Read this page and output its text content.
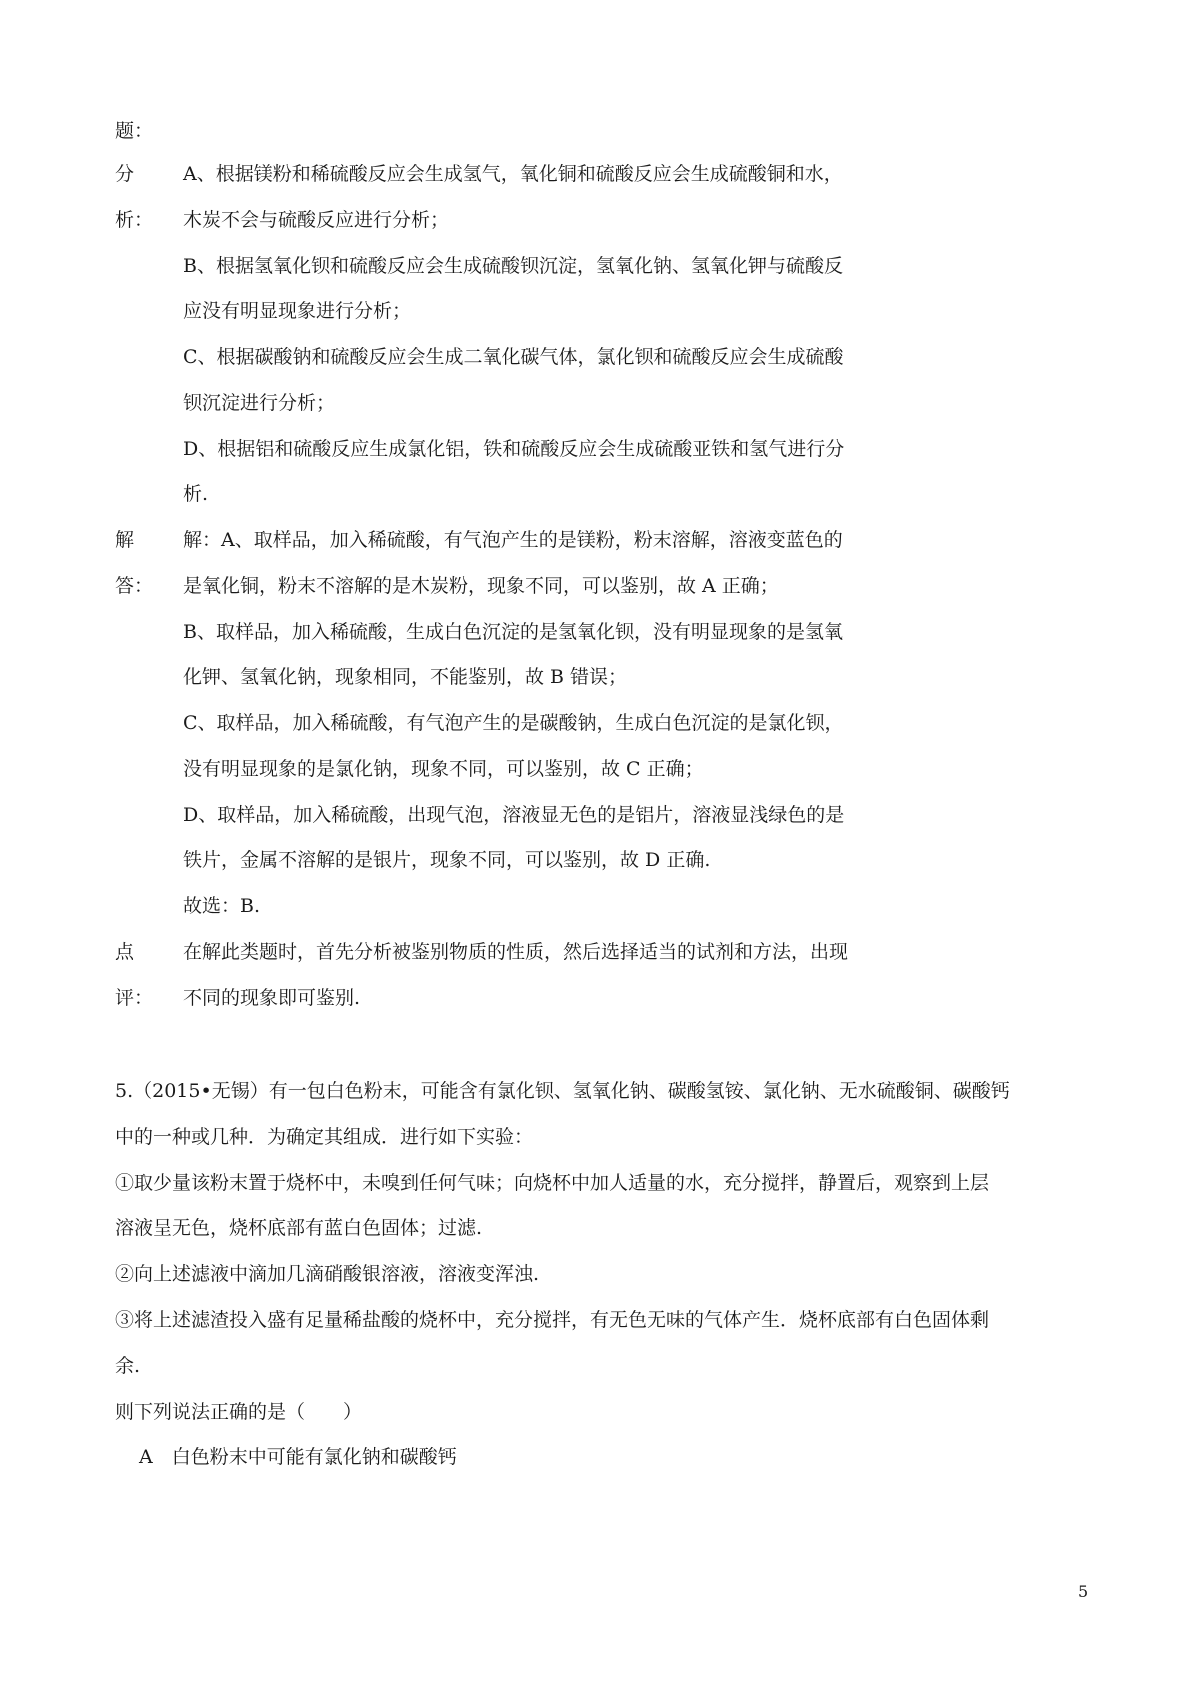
题：
分
析：
A、根据镁粉和稀硫酸反应会生成氢气，氧化铜和硫酸反应会生成硫酸铜和水，
木炭不会与硫酸反应进行分析；
B、根据氢氧化钡和硫酸反应会生成硫酸钡沉淀，氢氧化钠、氢氧化钾与硫酸反
应没有明显现象进行分析；
C、根据碳酸钠和硫酸反应会生成二氧化碳气体，氯化钡和硫酸反应会生成硫酸
钡沉淀进行分析；
D、根据铝和硫酸反应生成氯化铝，铁和硫酸反应会生成硫酸亚铁和氢气进行分
析.
解
答：
解：A、取样品，加入稀硫酸，有气泡产生的是镁粉，粉末溶解，溶液变蓝色的
是氧化铜，粉末不溶解的是木炭粉，现象不同，可以鉴别，故 A 正确；
B、取样品，加入稀硫酸，生成白色沉淀的是氢氧化钡，没有明显现象的是氢氧
化钾、氢氧化钠，现象相同，不能鉴别，故 B 错误；
C、取样品，加入稀硫酸，有气泡产生的是碳酸钠，生成白色沉淀的是氯化钡，
没有明显现象的是氯化钠，现象不同，可以鉴别，故 C 正确；
D、取样品，加入稀硫酸，出现气泡，溶液显无色的是铝片，溶液显浅绿色的是
铁片，金属不溶解的是银片，现象不同，可以鉴别，故 D 正确.
故选：B.
点
评：
在解此类题时，首先分析被鉴别物质的性质，然后选择适当的试剂和方法，出现
不同的现象即可鉴别.
5.（2015•无锡）有一包白色粉末，可能含有氯化钡、氢氧化钠、碳酸氢铵、氯化钠、无水硫酸铜、碳酸钙
中的一种或几种．为确定其组成．进行如下实验：
①取少量该粉末置于烧杯中，未嗅到任何气味；向烧杯中加人适量的水，充分搅拌，静置后，观察到上层
溶液呈无色，烧杯底部有蓝白色固体；过滤.
②向上述滤液中滴加几滴硝酸银溶液，溶液变浑浊.
③将上述滤渣投入盛有足量稀盐酸的烧杯中，充分搅拌，有无色无味的气体产生．烧杯底部有白色固体剩
余.
则下列说法正确的是（　　）
A　白色粉末中可能有氯化钠和碳酸钙
5
